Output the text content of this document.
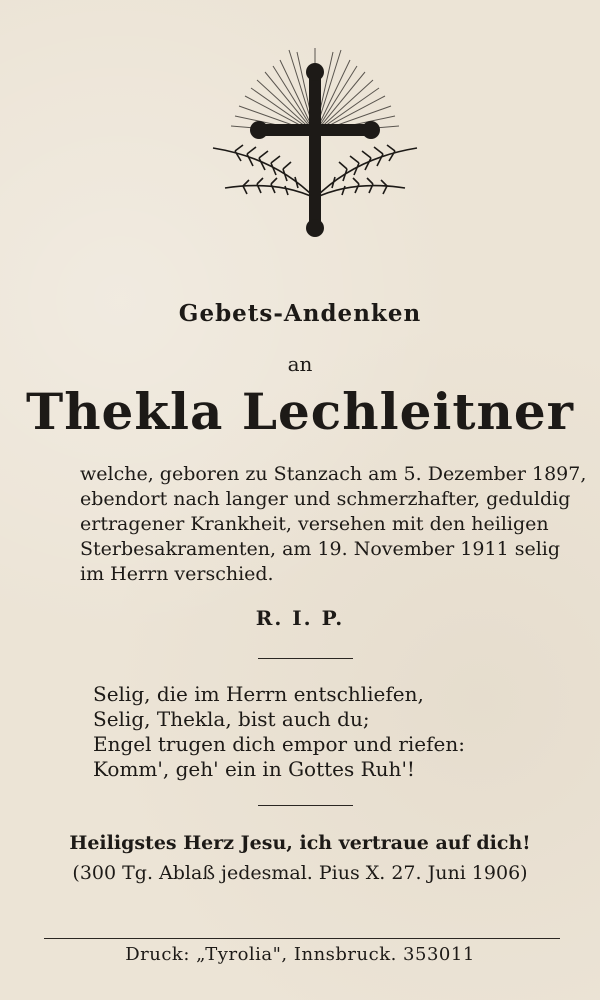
Gebets-Andenken
an
Thekla Lechleitner
welche, geboren zu Stanzach am 5. Dezember 1897,
ebendort nach langer und schmerzhafter, geduldig
ertragener Krankheit, versehen mit den heiligen
Sterbesakramenten, am 19. November 1911 selig
im Herrn verschied.
R. I. P.
Selig, die im Herrn entschliefen,
Selig, Thekla, bist auch du;
Engel trugen dich empor und riefen:
Komm', geh' ein in Gottes Ruh'!
Heiligstes Herz Jesu, ich vertraue auf dich!
(300 Tg. Ablaß jedesmal. Pius X. 27. Juni 1906)
Druck: „Tyrolia", Innsbruck. 353011
